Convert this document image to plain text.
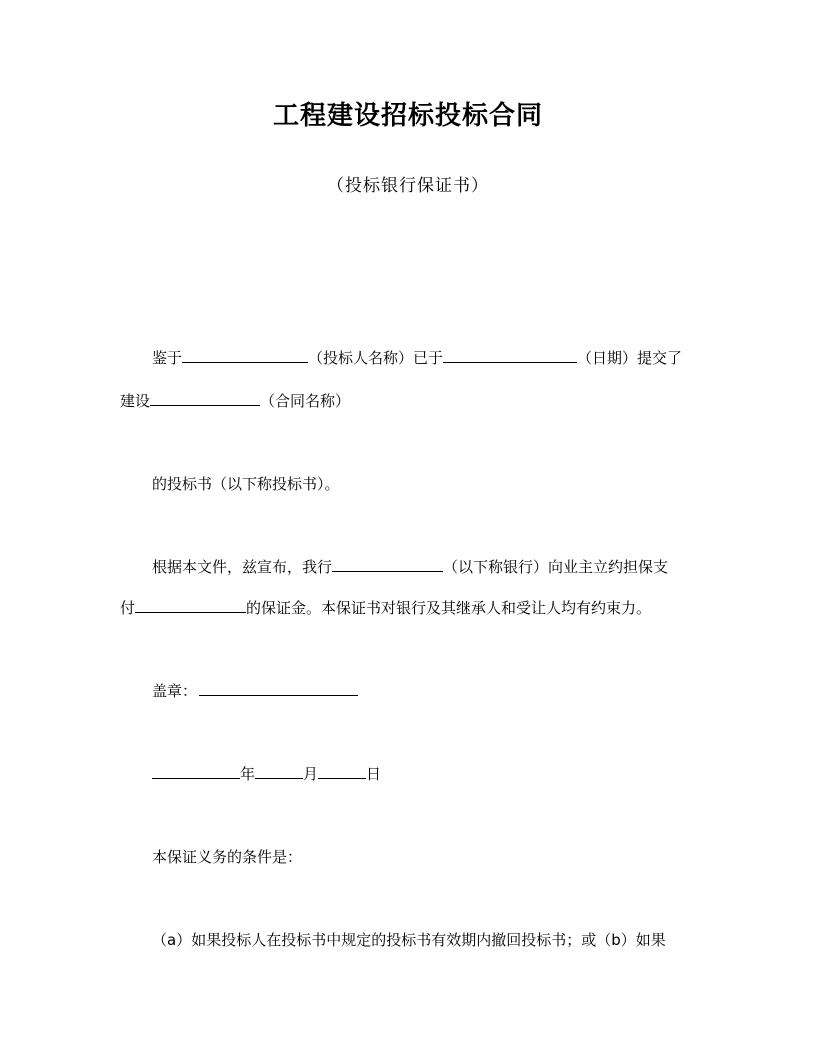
工程建设招标投标合同
（投标银行保证书）
鉴于	（投标人名称）已于	（日期）提交了
建设	（合同名称）
的投标书（以下称投标书）。
根据本文件，兹宣布，我行	（以下称银行）向业主立约担保支
付	的保证金。本保证书对银行及其继承人和受让人均有约束力。
盖章：
年	月	日
本保证义务的条件是：
（a）如果投标人在投标书中规定的投标书有效期内撤回投标书；或（b）如果
